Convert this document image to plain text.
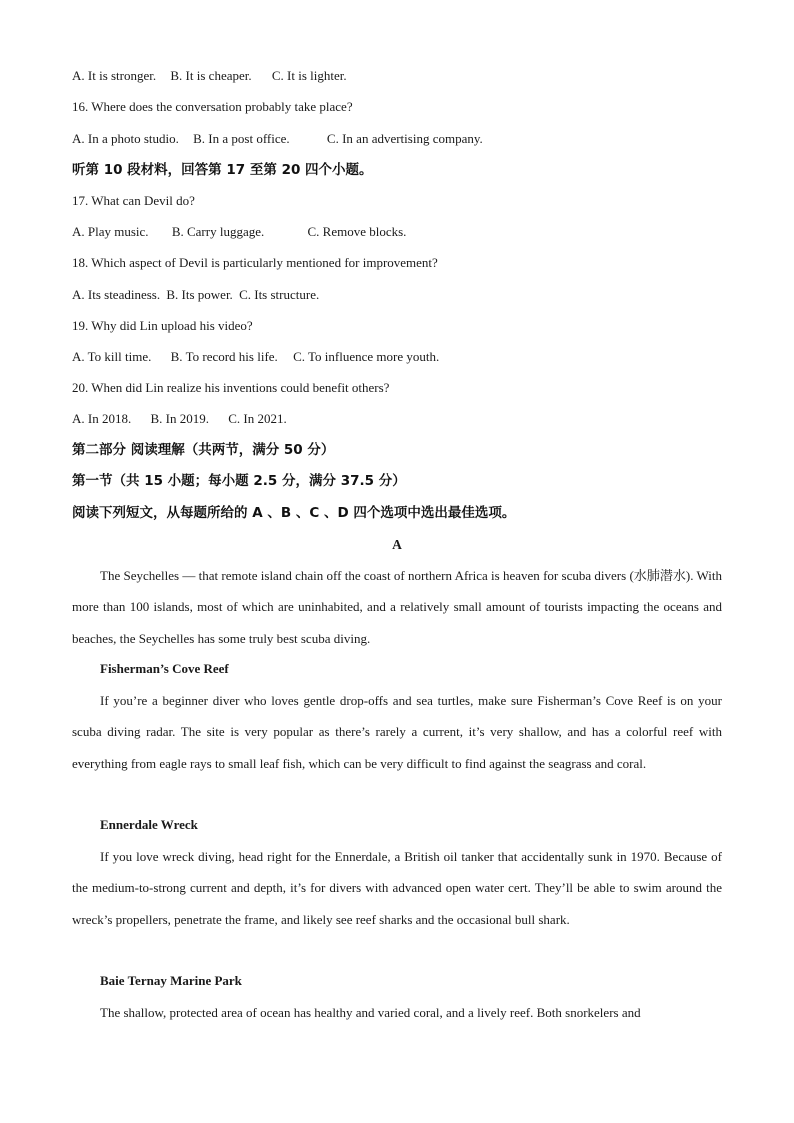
A. It is stronger. B. It is cheaper. C. It is lighter.
16. Where does the conversation probably take place?
A. In a photo studio. B. In a post office.	C. In an advertising company.
听第 10 段材料，回答第 17 至第 20 四个小题。
17. What can Devil do?
A. Play music. B. Carry luggage.	C. Remove blocks.
18. Which aspect of Devil is particularly mentioned for improvement?
A. Its steadiness. B. Its power. C. Its structure.
19. Why did Lin upload his video?
A. To kill time. B. To record his life. C. To influence more youth.
20. When did Lin realize his inventions could benefit others?
A. In 2018. B. In 2019. C. In 2021.
第二部分 阅读理解（共两节，满分 50 分）
第一节（共 15 小题；每小题 2.5 分，满分 37.5 分）
阅读下列短文，从每题所给的 A 、B 、C 、D 四个选项中选出最佳选项。
A
The Seychelles — that remote island chain off the coast of northern Africa is heaven for scuba divers (水肺潜水). With more than 100 islands, most of which are uninhabited, and a relatively small amount of tourists impacting the oceans and beaches, the Seychelles has some truly best scuba diving.
Fisherman’s Cove Reef
If you’re a beginner diver who loves gentle drop-offs and sea turtles, make sure Fisherman’s Cove Reef is on your scuba diving radar. The site is very popular as there’s rarely a current, it’s very shallow, and has a colorful reef with everything from eagle rays to small leaf fish, which can be very difficult to find against the seagrass and coral.
Ennerdale Wreck
If you love wreck diving, head right for the Ennerdale, a British oil tanker that accidentally sunk in 1970. Because of the medium-to-strong current and depth, it’s for divers with advanced open water cert. They’ll be able to swim around the wreck’s propellers, penetrate the frame, and likely see reef sharks and the occasional bull shark.
Baie Ternay Marine Park
The shallow, protected area of ocean has healthy and varied coral, and a lively reef. Both snorkelers and
